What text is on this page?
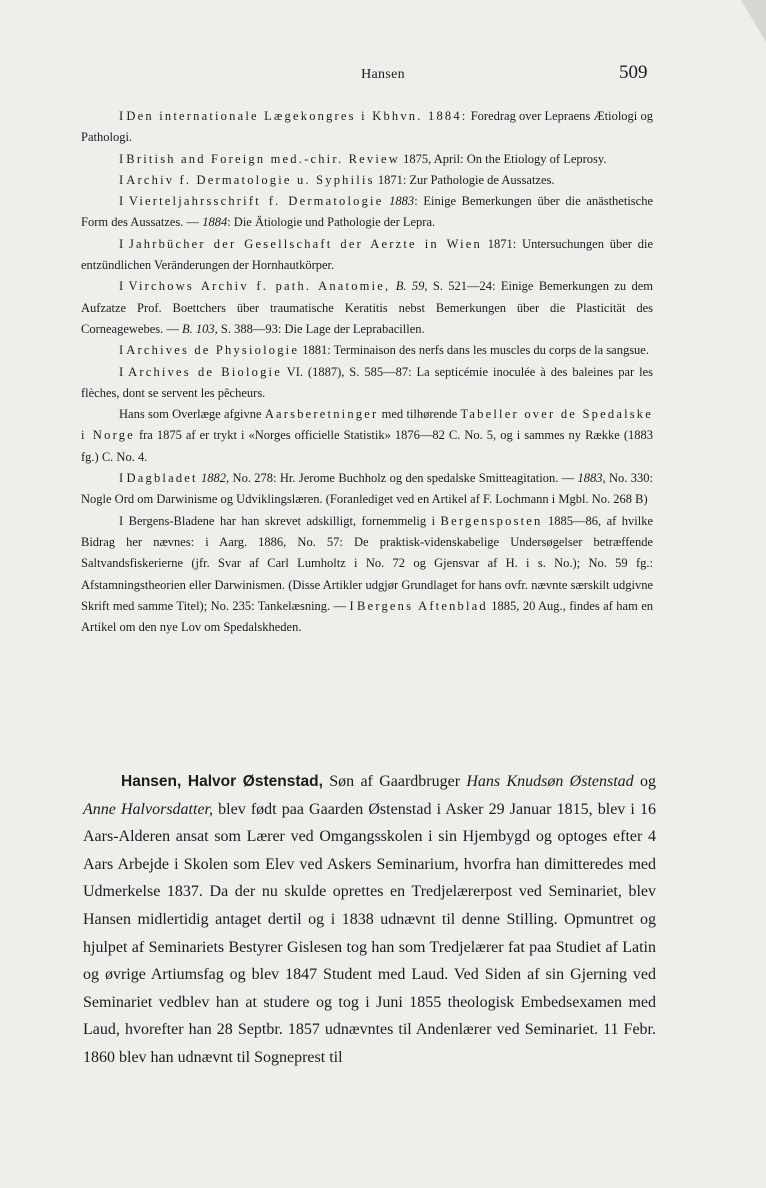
Hansen	509

I Den internationale Lægekongres i Kbhvn. 1884: Foredrag over Lepraens Ætiologi og Pathologi.

I British and Foreign med.-chir. Review 1875, April: On the Etiology of Leprosy.

I Archiv f. Dermatologie u. Syphilis 1871: Zur Pathologie de Aussatzes.

I Vierteljahrsschrift f. Dermatologie 1883: Einige Bemerkungen über die anästhetische Form des Aussatzes. — 1884: Die Ätiologie und Pathologie der Lepra.

I Jahrbücher der Gesellschaft der Aerzte in Wien 1871: Untersuchungen über die entzündlichen Veränderungen der Hornhautkörper.

I Virchows Archiv f. path. Anatomie, B. 59, S. 521—24: Einige Bemerkungen zu dem Aufzatze Prof. Boettchers über traumatische Keratitis nebst Bemerkungen über die Plasticität des Corneagewebes. — B. 103, S. 388—93: Die Lage der Leprabacillen.

I Archives de Physiologie 1881: Terminaison des nerfs dans les muscles du corps de la sangsue.

I Archives de Biologie VI. (1887), S. 585—87: La septicémie inoculée à des baleines par les flèches, dont se servent les pêcheurs.

Hans som Overlæge afgivne Aarsberetninger med tilhørende Tabeller over de Spedalske i Norge fra 1875 af er trykt i «Norges officielle Statistik» 1876—82 C. No. 5, og i sammes ny Række (1883 fg.) C. No. 4.

I Dagbladet 1882, No. 278: Hr. Jerome Buchholz og den spedalske Smitteagitation. — 1883, No. 330: Nogle Ord om Darwinisme og Udviklingslæren. (Foranlediget ved en Artikel af F. Lochmann i Mgbl. No. 268 B)

I Bergens-Bladene har han skrevet adskilligt, fornemmelig i Bergensposten 1885—86, af hvilke Bidrag her nævnes: i Aarg. 1886, No. 57: De praktisk-videnskabelige Undersøgelser betræffende Saltvandsfiskerierne (jfr. Svar af Carl Lumholtz i No. 72 og Gjensvar af H. i s. No.); No. 59 fg.: Afstamningstheorien eller Darwinismen. (Disse Artikler udgjør Grundlaget for hans ovfr. nævnte særskilt udgivne Skrift med samme Titel); No. 235: Tankelæsning. — I Bergens Aftenblad 1885, 20 Aug., findes af ham en Artikel om den nye Lov om Spedalskheden.

Hansen, Halvor Østenstad, Søn af Gaardbruger Hans Knudsøn Østenstad og Anne Halvorsdatter, blev født paa Gaarden Østenstad i Asker 29 Januar 1815, blev i 16 Aars-Alderen ansat som Lærer ved Omgangsskolen i sin Hjembygd og optoges efter 4 Aars Arbejde i Skolen som Elev ved Askers Seminarium, hvorfra han dimitteredes med Udmerkelse 1837. Da der nu skulde oprettes en Tredjelærerpost ved Seminariet, blev Hansen midlertidig antaget dertil og i 1838 udnævnt til denne Stilling. Opmuntret og hjulpet af Seminariets Bestyrer Gislesen tog han som Tredjelærer fat paa Studiet af Latin og øvrige Artiumsfag og blev 1847 Student med Laud. Ved Siden af sin Gjerning ved Seminariet vedblev han at studere og tog i Juni 1855 theologisk Embedsexamen med Laud, hvorefter han 28 Septbr. 1857 udnævntes til Andenlærer ved Seminariet. 11 Febr. 1860 blev han udnævnt til Sogneprest til
